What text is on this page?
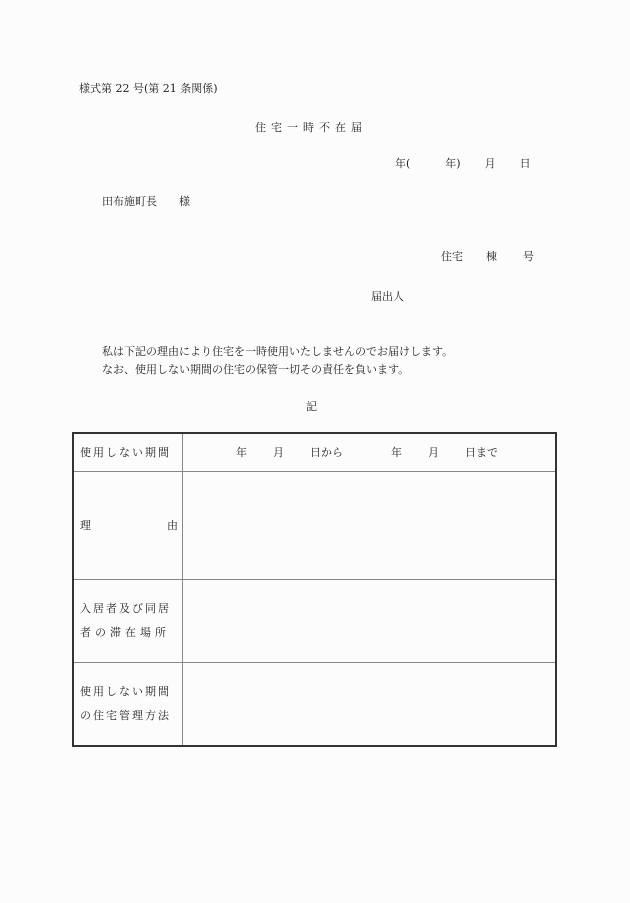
様式第 22 号(第 21 条関係)
住宅一時不在届
年(	年) 月 日
田布施町長 様
住宅 棟 号
届出人
私は下記の理由により住宅を一時使用いたしませんのでお届けします。
なお、使用しない期間の住宅の保管一切その責任を負います。
記
使用しない期間	年 月 日から 年 月 日まで

理 由	

入居者及び同居
者の滞在場所	

使用しない期間
の住宅管理方法	
